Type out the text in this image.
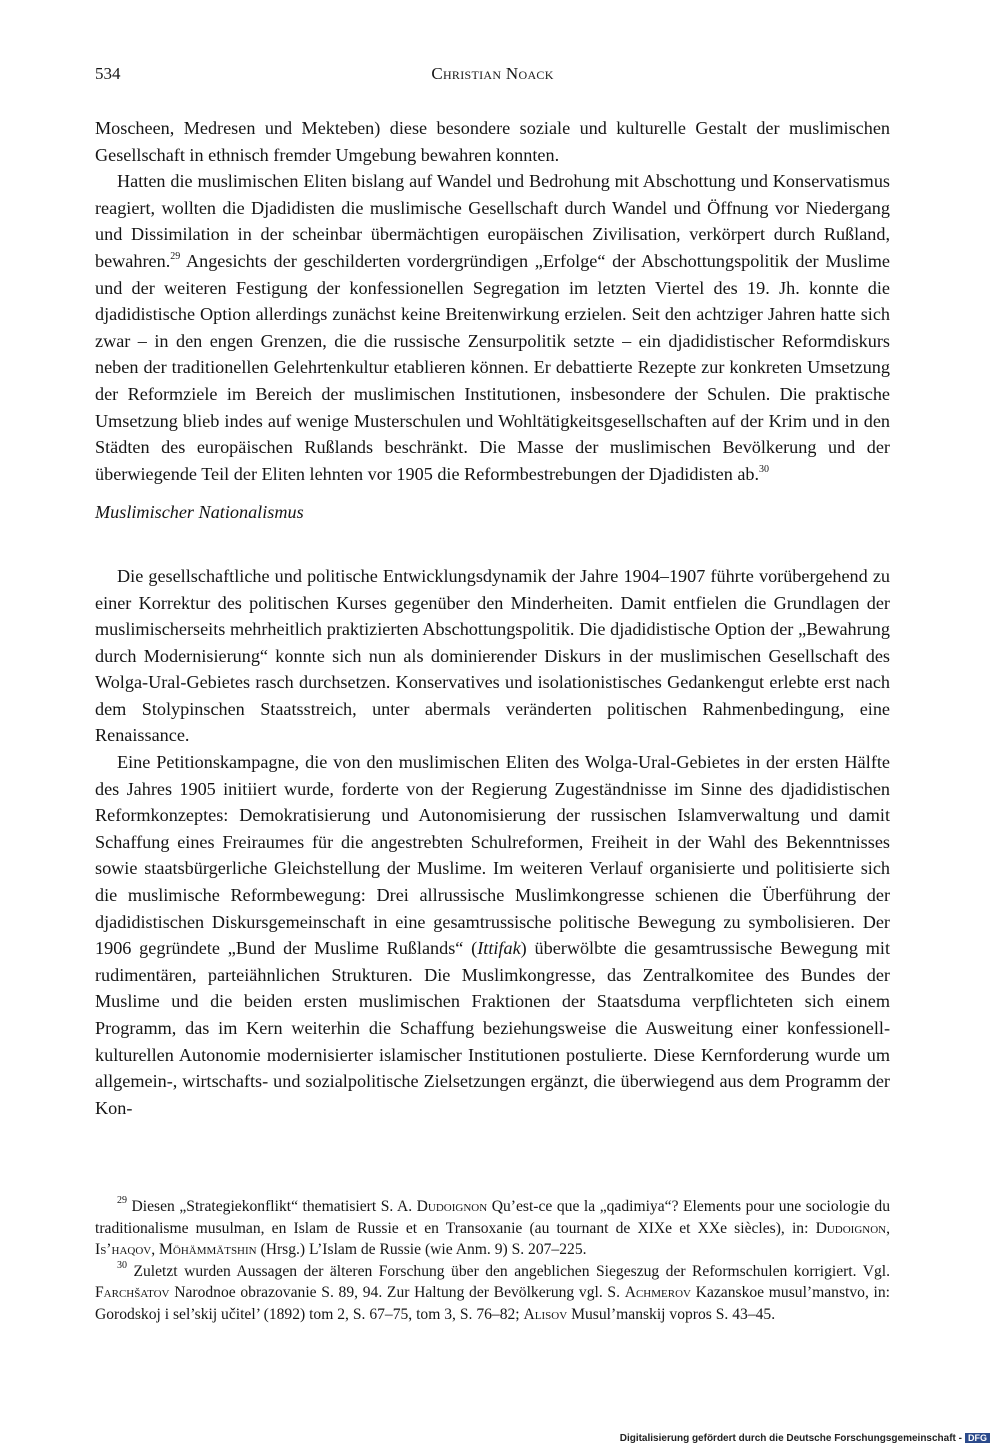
534	Christian Noack

Moscheen, Medresen und Mekteben) diese besondere soziale und kulturelle Gestalt der muslimischen Gesellschaft in ethnisch fremder Umgebung bewahren konnten.

Hatten die muslimischen Eliten bislang auf Wandel und Bedrohung mit Abschottung und Konservatismus reagiert, wollten die Djadidisten die muslimische Gesellschaft durch Wandel und Öffnung vor Niedergang und Dissimilation in der scheinbar übermächtigen europäischen Zivilisation, verkörpert durch Rußland, bewahren.$^{29}$ Angesichts der geschilderten vordergründigen „Erfolge“ der Abschottungspolitik der Muslime und der weiteren Festigung der konfessionellen Segregation im letzten Viertel des 19. Jh. konnte die djadidistische Option allerdings zunächst keine Breitenwirkung erzielen. Seit den achtziger Jahren hatte sich zwar – in den engen Grenzen, die die russische Zensurpolitik setzte – ein djadidistischer Reformdiskurs neben der traditionellen Gelehrtenkultur etablieren können. Er debattierte Rezepte zur konkreten Umsetzung der Reformziele im Bereich der muslimischen Institutionen, insbesondere der Schulen. Die praktische Umsetzung blieb indes auf wenige Musterschulen und Wohltätigkeitsgesellschaften auf der Krim und in den Städten des europäischen Rußlands beschränkt. Die Masse der muslimischen Bevölkerung und der überwiegende Teil der Eliten lehnten vor 1905 die Reformbestrebungen der Djadidisten ab.$^{30}$

Muslimischer Nationalismus

Die gesellschaftliche und politische Entwicklungsdynamik der Jahre 1904–1907 führte vorübergehend zu einer Korrektur des politischen Kurses gegenüber den Minderheiten. Damit entfielen die Grundlagen der muslimischerseits mehrheitlich praktizierten Abschottungspolitik. Die djadidistische Option der „Bewahrung durch Modernisierung“ konnte sich nun als dominierender Diskurs in der muslimischen Gesellschaft des Wolga-Ural-Gebietes rasch durchsetzen. Konservatives und isolationistisches Gedankengut erlebte erst nach dem Stolypinschen Staatsstreich, unter abermals veränderten politischen Rahmenbedingung, eine Renaissance.

Eine Petitionskampagne, die von den muslimischen Eliten des Wolga-Ural-Gebietes in der ersten Hälfte des Jahres 1905 initiiert wurde, forderte von der Regierung Zugeständnisse im Sinne des djadidistischen Reformkonzeptes: Demokratisierung und Autonomisierung der russischen Islamverwaltung und damit Schaffung eines Freiraumes für die angestrebten Schulreformen, Freiheit in der Wahl des Bekenntnisses sowie staatsbürgerliche Gleichstellung der Muslime. Im weiteren Verlauf organisierte und politisierte sich die muslimische Reformbewegung: Drei allrussische Muslimkongresse schienen die Überführung der djadidistischen Diskursgemeinschaft in eine gesamtrussische politische Bewegung zu symbolisieren. Der 1906 gegründete „Bund der Muslime Rußlands“ (Ittifak) überwölbte die gesamtrussische Bewegung mit rudimentären, parteiähnlichen Strukturen. Die Muslimkongresse, das Zentralkomitee des Bundes der Muslime und die beiden ersten muslimischen Fraktionen der Staatsduma verpflichteten sich einem Programm, das im Kern weiterhin die Schaffung beziehungsweise die Ausweitung einer konfessionell-kulturellen Autonomie modernisierter islamischer Institutionen postulierte. Diese Kernforderung wurde um allgemein-, wirtschafts- und sozialpolitische Zielsetzungen ergänzt, die überwiegend aus dem Programm der Kon-

$^{29}$ Diesen „Strategiekonflikt“ thematisiert S. A. Dudoignon Qu’est-ce que la „qadimiya“? Elements pour une sociologie du traditionalisme musulman, en Islam de Russie et en Transoxanie (au tournant de XIXe et XXe siècles), in: Dudoignon, Is’haqov, Möhämmätshin (Hrsg.) L’Islam de Russie (wie Anm. 9) S. 207–225.

$^{30}$ Zuletzt wurden Aussagen der älteren Forschung über den angeblichen Siegeszug der Reformschulen korrigiert. Vgl. Farchšatov Narodnoe obrazovanie S. 89, 94. Zur Haltung der Bevölkerung vgl. S. Achmerov Kazanskoe musul’manstvo, in: Gorodskoj i sel’skij učitel’ (1892) tom 2, S. 67–75, tom 3, S. 76–82; Alisov Musul’manskij vopros S. 43–45.

Digitalisierung gefördert durch die Deutsche Forschungsgemeinschaft - DFG
